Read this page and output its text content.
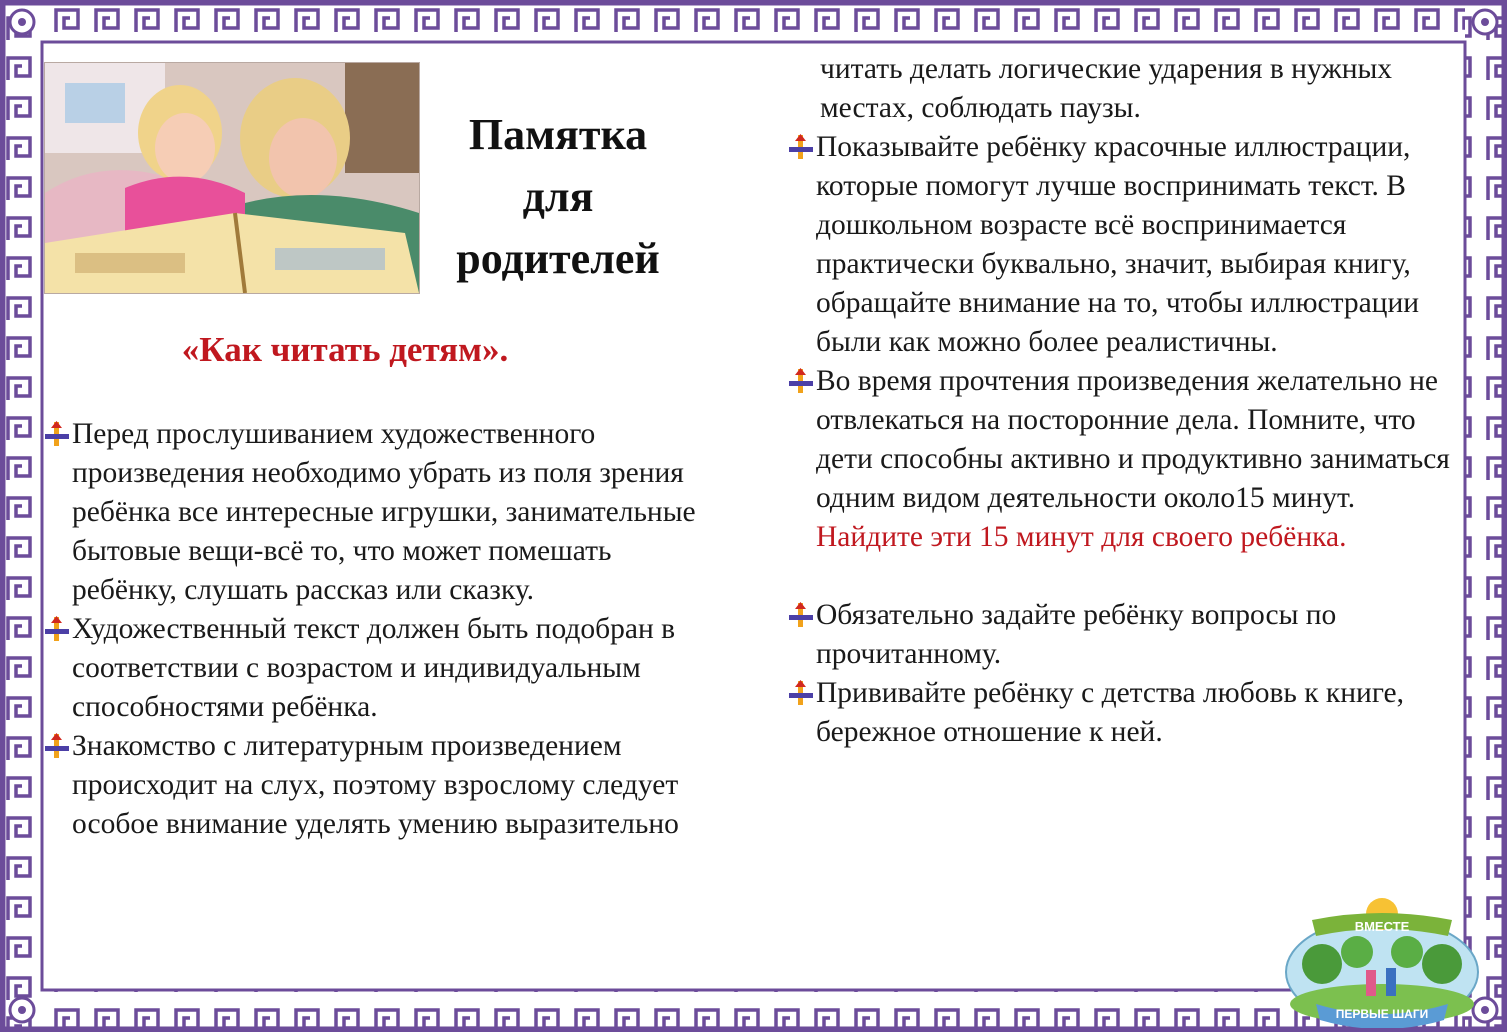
Памятка
для
родителей
«Как читать детям».
Перед прослушиванием художественного произведения необходимо убрать из поля зрения ребёнка все интересные игрушки, занимательные бытовые вещи-всё то, что может помешать ребёнку, слушать рассказ или сказку.
Художественный текст должен быть подобран в соответствии с возрастом и индивидуальным способностями ребёнка.
Знакомство с литературным произведением происходит на слух, поэтому взрослому следует особое внимание уделять умению выразительно
читать делать логические ударения в нужных местах, соблюдать паузы.
Показывайте ребёнку красочные иллюстрации, которые помогут лучше воспринимать текст. В дошкольном возрасте всё воспринимается практически буквально, значит, выбирая книгу, обращайте внимание на то, чтобы иллюстрации были как можно более реалистичны.
Во время прочтения произведения желательно не отвлекаться на посторонние дела. Помните, что дети способны активно и продуктивно заниматься одним видом деятельности около15 минут. Найдите эти 15 минут для своего ребёнка.
Обязательно задайте ребёнку вопросы по прочитанному.
Прививайте ребёнку с детства любовь к книге, бережное отношение к ней.
ВМЕСТЕ
ПЕРВЫЕ ШАГИ
